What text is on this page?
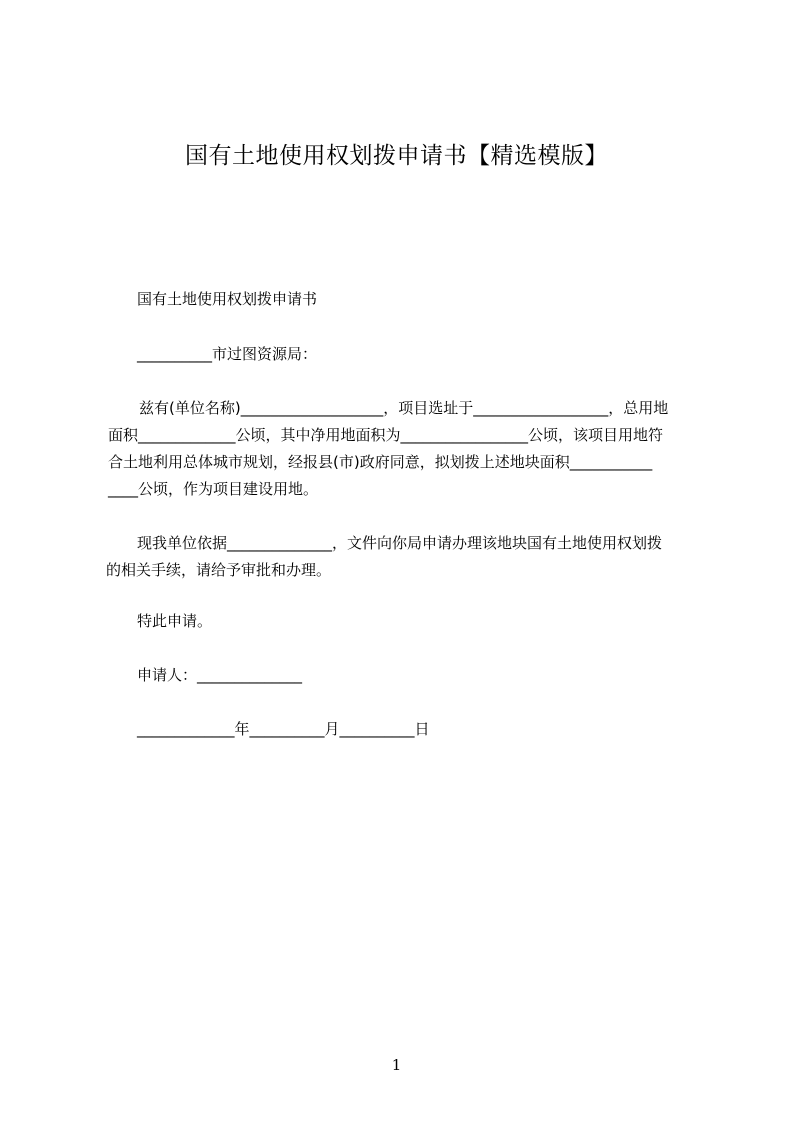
国有土地使用权划拨申请书【精选模版】
国有土地使用权划拨申请书
__________市过图资源局：
兹有(单位名称)___________________，项目选址于__________________，总用地
面积_____________公顷，其中净用地面积为_________________公顷，该项目用地符
合土地利用总体城市规划，经报县(市)政府同意，拟划拨上述地块面积___________
____公顷，作为项目建设用地。
现我单位依据______________，文件向你局申请办理该地块国有土地使用权划拨
的相关手续，请给予审批和办理。
特此申请。
申请人：______________
_____________年__________月__________日
1
